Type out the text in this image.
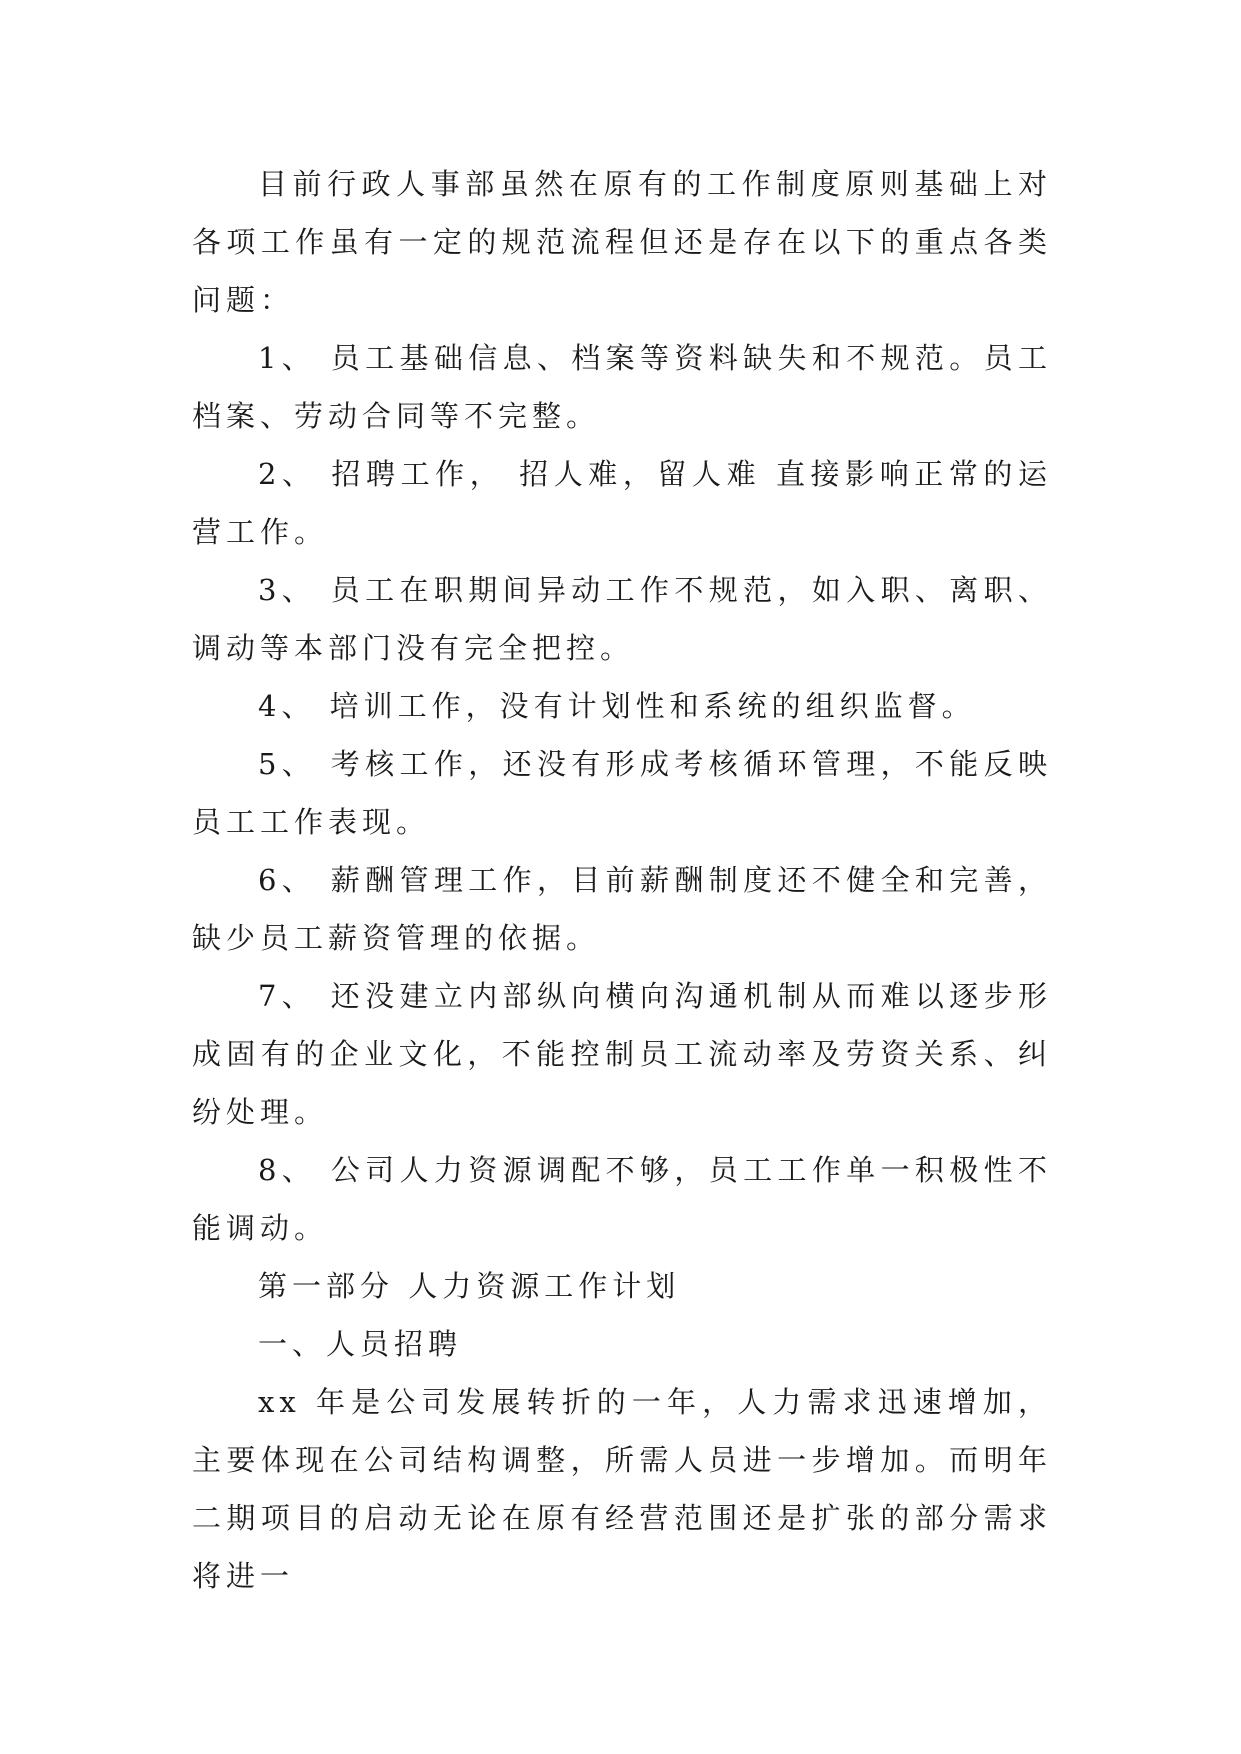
目前行政人事部虽然在原有的工作制度原则基础上对各项工作虽有一定的规范流程但还是存在以下的重点各类问题：

1、 员工基础信息、档案等资料缺失和不规范。员工档案、劳动合同等不完整。

2、 招聘工作， 招人难，留人难 直接影响正常的运营工作。

3、 员工在职期间异动工作不规范，如入职、离职、调动等本部门没有完全把控。

4、 培训工作，没有计划性和系统的组织监督。

5、 考核工作，还没有形成考核循环管理，不能反映员工工作表现。

6、 薪酬管理工作，目前薪酬制度还不健全和完善，缺少员工薪资管理的依据。

7、 还没建立内部纵向横向沟通机制从而难以逐步形成固有的企业文化，不能控制员工流动率及劳资关系、纠纷处理。

8、 公司人力资源调配不够，员工工作单一积极性不能调动。

第一部分 人力资源工作计划

一、人员招聘

xx 年是公司发展转折的一年，人力需求迅速增加，主要体现在公司结构调整，所需人员进一步增加。而明年二期项目的启动无论在原有经营范围还是扩张的部分需求将进一
